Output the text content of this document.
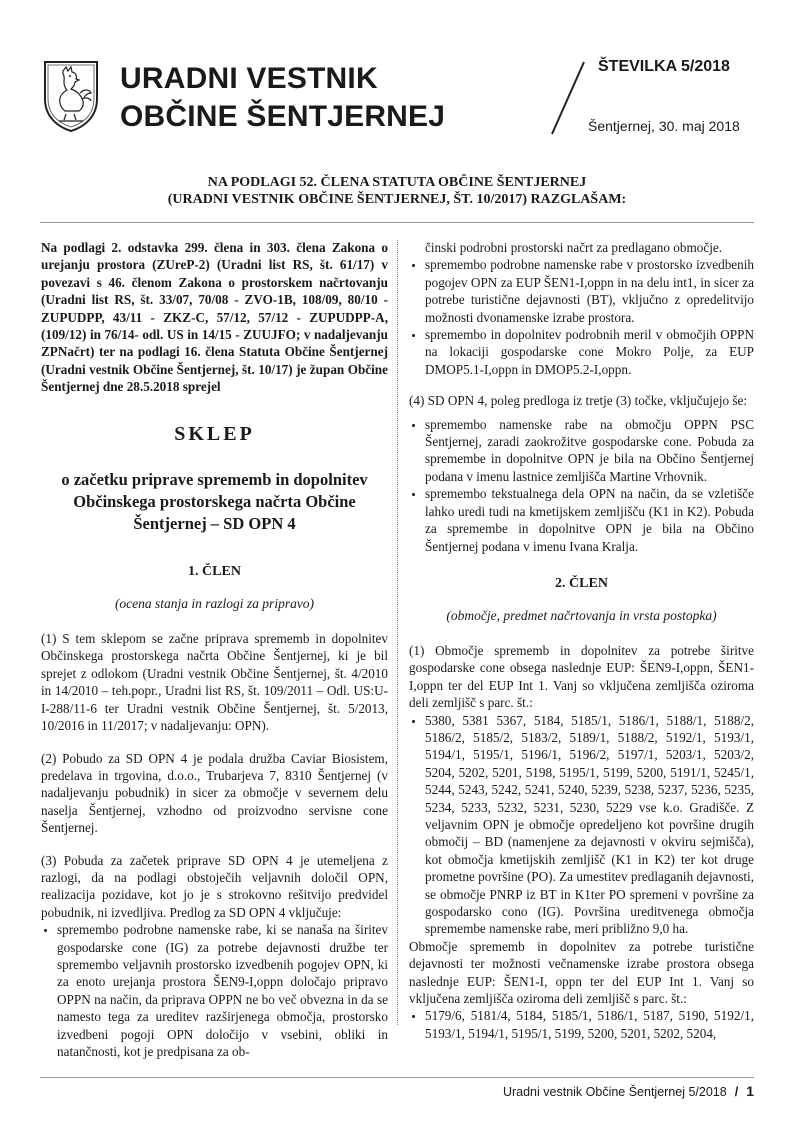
URADNI VESTNIK
OBČINE ŠENTJERNEJ
ŠTEVILKA 5/2018
Šentjernej, 30. maj 2018
NA PODLAGI 52. ČLENA STATUTA OBČINE ŠENTJERNEJ
(URADNI VESTNIK OBČINE ŠENTJERNEJ, ŠT. 10/2017) RAZGLAŠAM:

Na podlagi 2. odstavka 299. člena in 303. člena Zakona o urejanju prostora (ZUreP-2) (Uradni list RS, št. 61/17) v povezavi s 46. členom Zakona o prostorskem načrtovanju (Uradni list RS, št. 33/07, 70/08 - ZVO-1B, 108/09, 80/10 - ZUPUDPP, 43/11 - ZKZ-C, 57/12, 57/12 - ZUPUDPP-A, (109/12) in 76/14- odl. US in 14/15 - ZUUJFO; v nadaljevanju ZPNačrt) ter na podlagi 16. člena Statuta Občine Šentjernej (Uradni vestnik Občine Šentjernej, št. 10/17) je župan Občine Šentjernej dne 28.5.2018 sprejel

SKLEP

o začetku priprave sprememb in dopolnitev Občinskega prostorskega načrta Občine Šentjernej – SD OPN 4

1. ČLEN

(ocena stanja in razlogi za pripravo)

(1) S tem sklepom se začne priprava sprememb in dopolnitev Občinskega prostorskega načrta Občine Šentjernej, ki je bil sprejet z odlokom (Uradni vestnik Občine Šentjernej, št. 4/2010 in 14/2010 – teh.popr., Uradni list RS, št. 109/2011 – Odl. US:U-I-288/11-6 ter Uradni vestnik Občine Šentjernej, št. 5/2013, 10/2016 in 11/2017; v nadaljevanju: OPN).

(2) Pobudo za SD OPN 4 je podala družba Caviar Biosistem, predelava in trgovina, d.o.o., Trubarjeva 7, 8310 Šentjernej (v nadaljevanju pobudnik) in sicer za območje v severnem delu naselja Šentjernej, vzhodno od proizvodno servisne cone Šentjernej.

(3) Pobuda za začetek priprave SD OPN 4 je utemeljena z razlogi, da na podlagi obstoječih veljavnih določil OPN, realizacija pozidave, kot jo je s strokovno rešitvijo predvidel pobudnik, ni izvedljiva. Predlog za SD OPN 4 vključuje:

• spremembo podrobne namenske rabe, ki se nanaša na širitev gospodarske cone (IG) za potrebe dejavnosti družbe ter spremembo veljavnih prostorsko izvedbenih pogojev OPN, ki za enoto urejanja prostora ŠEN9-I,oppn določajo pripravo OPPN na način, da priprava OPPN ne bo več obvezna in da se namesto tega za ureditev razširjenega območja, prostorsko izvedbeni pogoji OPN določijo v vsebini, obliki in natančnosti, kot je predpisana za ob-
činski podrobni prostorski načrt za predlagano območje.
• spremembo podrobne namenske rabe v prostorsko izvedbenih pogojev OPN za EUP ŠEN1-I,oppn in na delu int1, in sicer za potrebe turistične dejavnosti (BT), vključno z opredelitvijo možnosti dvonamenske izrabe prostora.
• spremembo in dopolnitev podrobnih meril v območjih OPPN na lokaciji gospodarske cone Mokro Polje, za EUP DMOP5.1-I,oppn in DMOP5.2-I,oppn.

(4) SD OPN 4, poleg predloga iz tretje (3) točke, vključujejo še:

• spremembo namenske rabe na območju OPPN PSC Šentjernej, zaradi zaokrožitve gospodarske cone. Pobuda za spremembe in dopolnitve OPN je bila na Občino Šentjernej podana v imenu lastnice zemljišča Martine Vrhovnik.
• spremembo tekstualnega dela OPN na način, da se vzletišče lahko uredi tudi na kmetijskem zemljišču (K1 in K2). Pobuda za spremembe in dopolnitve OPN je bila na Občino Šentjernej podana v imenu Ivana Kralja.

2. ČLEN

(območje, predmet načrtovanja in vrsta postopka)

(1) Območje sprememb in dopolnitev za potrebe širitve gospodarske cone obsega naslednje EUP: ŠEN9-I,oppn, ŠEN1-I,oppn ter del EUP Int 1. Vanj so vključena zemljišča oziroma deli zemljišč s parc. št.:

• 5380, 5381 5367, 5184, 5185/1, 5186/1, 5188/1, 5188/2, 5186/2, 5185/2, 5183/2, 5189/1, 5188/2, 5192/1, 5193/1, 5194/1, 5195/1, 5196/1, 5196/2, 5197/1, 5203/1, 5203/2, 5204, 5202, 5201, 5198, 5195/1, 5199, 5200, 5191/1, 5245/1, 5244, 5243, 5242, 5241, 5240, 5239, 5238, 5237, 5236, 5235, 5234, 5233, 5232, 5231, 5230, 5229 vse k.o. Gradišče. Z veljavnim OPN je območje opredeljeno kot površine drugih območij – BD (namenjene za dejavnosti v okviru sejmišča), kot območja kmetijskih zemljišč (K1 in K2) ter kot druge prometne površine (PO). Za umestitev predlaganih dejavnosti, se območje PNRP iz BT in K1ter PO spremeni v površine za gospodarsko cono (IG). Površina ureditvenega območja spremembe namenske rabe, meri približno 9,0 ha.

Območje sprememb in dopolnitev za potrebe turistične dejavnosti ter možnosti večnamenske izrabe prostora obsega naslednje EUP: ŠEN1-I, oppn ter del EUP Int 1. Vanj so vključena zemljišča oziroma deli zemljišč s parc. št.:

• 5179/6, 5181/4, 5184, 5185/1, 5186/1, 5187, 5190, 5192/1, 5193/1, 5194/1, 5195/1, 5199, 5200, 5201, 5202, 5204,
Uradni vestnik Občine Šentjernej 5/2018 / 1
